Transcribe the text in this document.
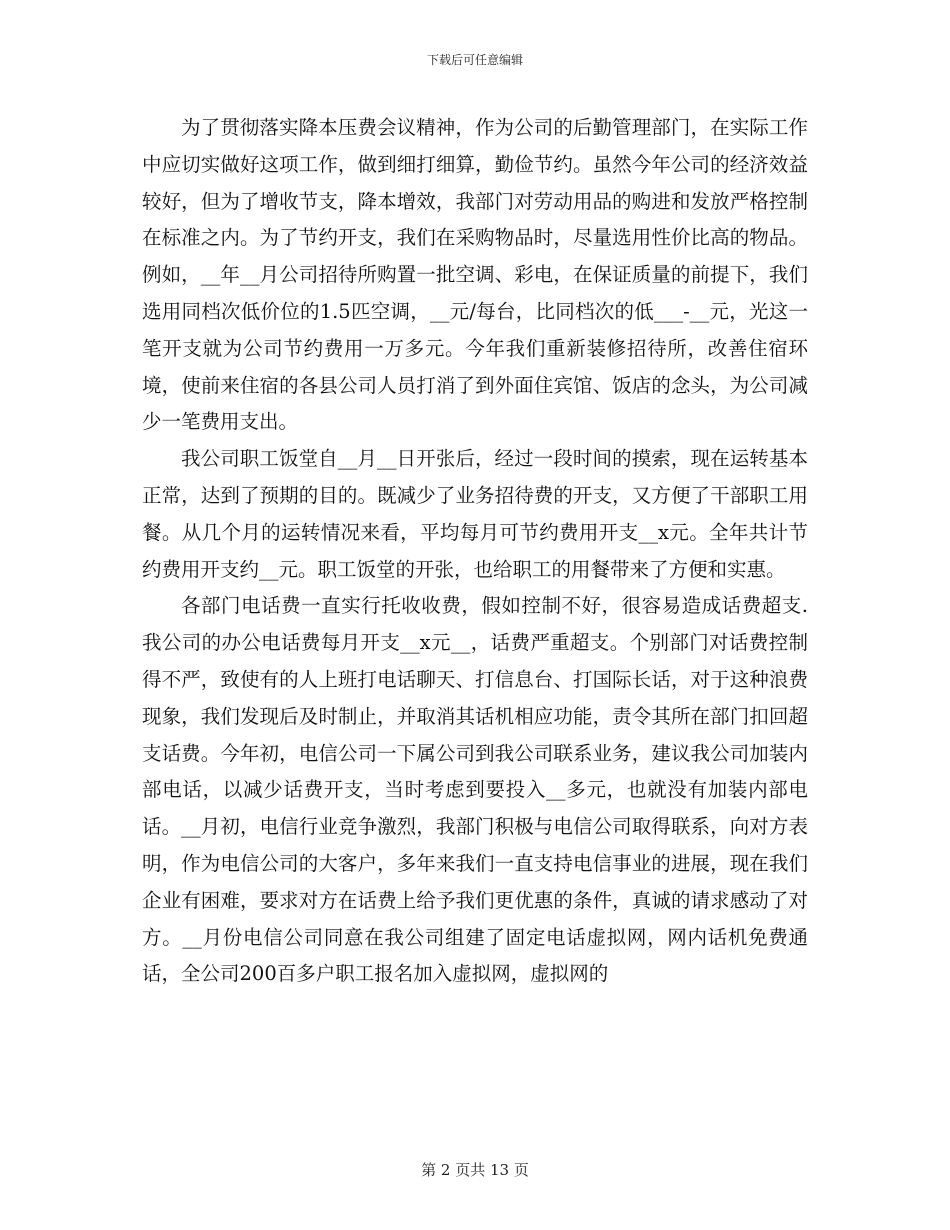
下载后可任意编辑

为了贯彻落实降本压费会议精神，作为公司的后勤管理部门，在实际工作中应切实做好这项工作，做到细打细算，勤俭节约。虽然今年公司的经济效益较好，但为了增收节支，降本增效，我部门对劳动用品的购进和发放严格控制在标准之内。为了节约开支，我们在采购物品时，尽量选用性价比高的物品。例如，__年__月公司招待所购置一批空调、彩电，在保证质量的前提下，我们选用同档次低价位的1.5匹空调，__元/每台，比同档次的低___-__元，光这一笔开支就为公司节约费用一万多元。今年我们重新装修招待所，改善住宿环境，使前来住宿的各县公司人员打消了到外面住宾馆、饭店的念头，为公司减少一笔费用支出。

我公司职工饭堂自__月__日开张后，经过一段时间的摸索，现在运转基本正常，达到了预期的目的。既减少了业务招待费的开支，又方便了干部职工用餐。从几个月的运转情况来看，平均每月可节约费用开支__x元。全年共计节约费用开支约__元。职工饭堂的开张，也给职工的用餐带来了方便和实惠。

各部门电话费一直实行托收收费，假如控制不好，很容易造成话费超支.我公司的办公电话费每月开支__x元__，话费严重超支。个别部门对话费控制得不严，致使有的人上班打电话聊天、打信息台、打国际长话，对于这种浪费现象，我们发现后及时制止，并取消其话机相应功能，责令其所在部门扣回超支话费。今年初，电信公司一下属公司到我公司联系业务，建议我公司加装内部电话，以减少话费开支，当时考虑到要投入__多元，也就没有加装内部电话。__月初，电信行业竞争激烈，我部门积极与电信公司取得联系，向对方表明，作为电信公司的大客户，多年来我们一直支持电信事业的进展，现在我们企业有困难，要求对方在话费上给予我们更优惠的条件，真诚的请求感动了对方。__月份电信公司同意在我公司组建了固定电话虚拟网，网内话机免费通话，全公司200百多户职工报名加入虚拟网，虚拟网的

第 2 页共 13 页
